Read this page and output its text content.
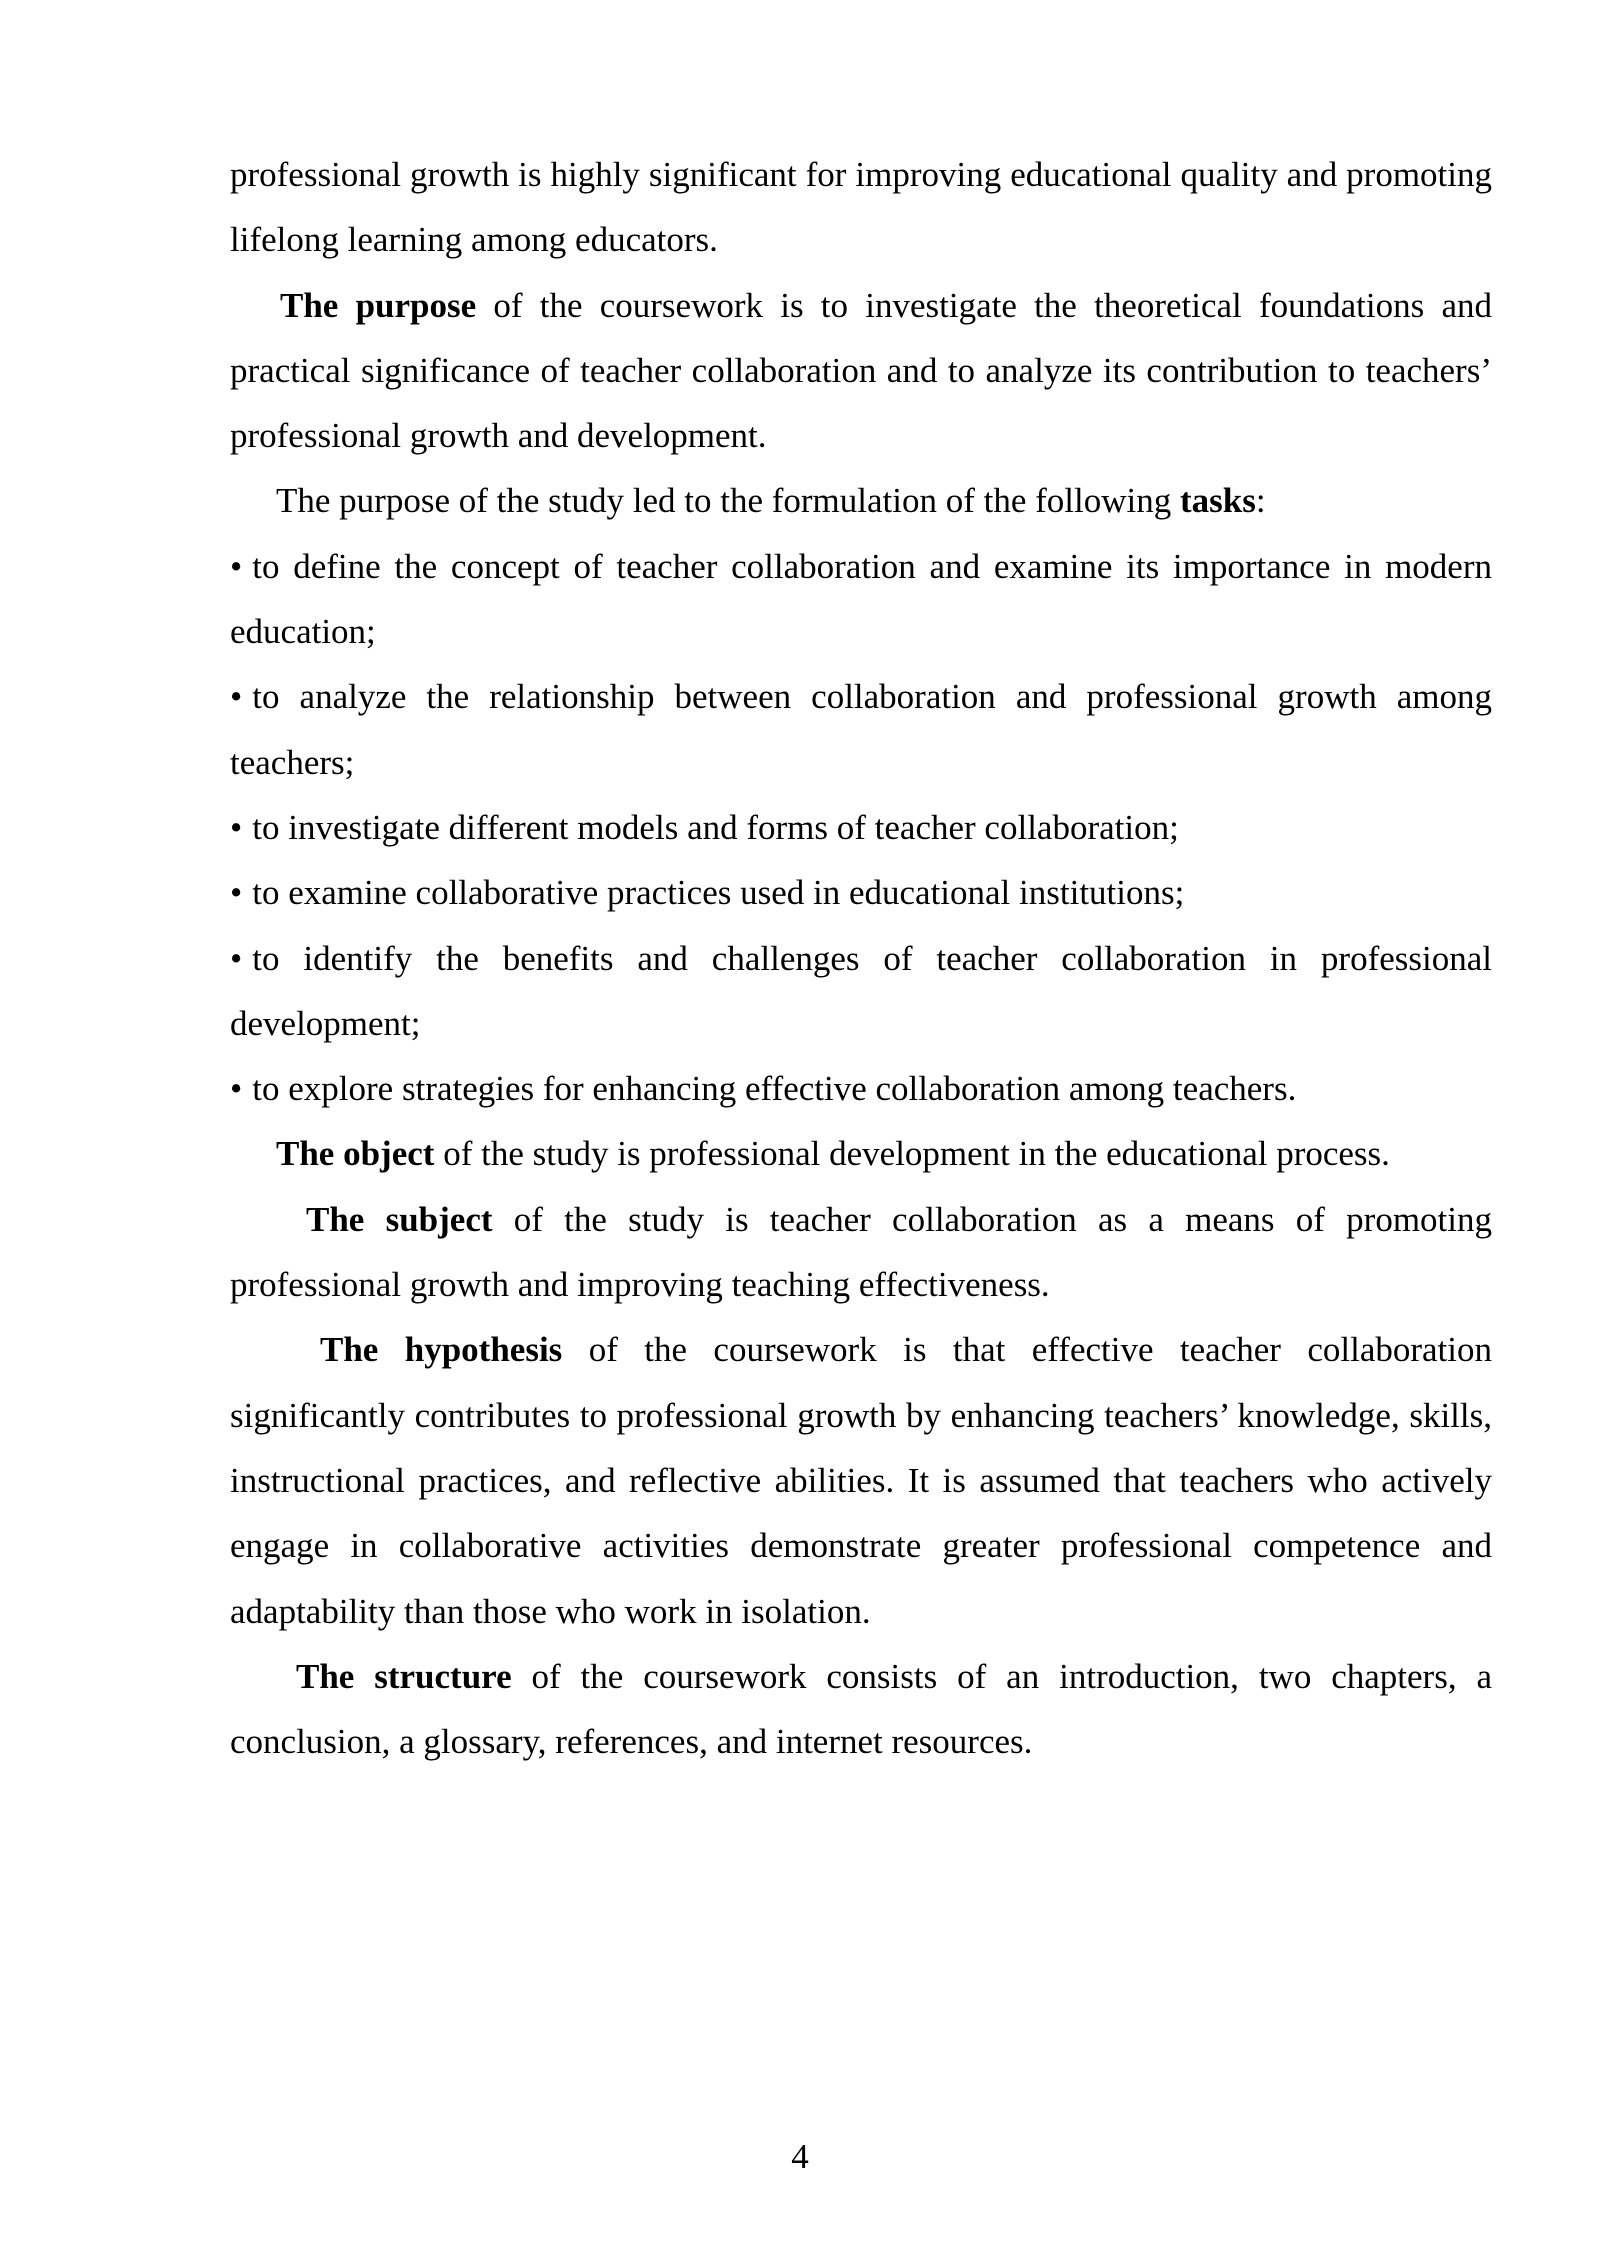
professional growth is highly significant for improving educational quality and promoting lifelong learning among educators.

The purpose of the coursework is to investigate the theoretical foundations and practical significance of teacher collaboration and to analyze its contribution to teachers’ professional growth and development.

The purpose of the study led to the formulation of the following tasks:

• to define the concept of teacher collaboration and examine its importance in modern education;

• to analyze the relationship between collaboration and professional growth among teachers;

• to investigate different models and forms of teacher collaboration;

• to examine collaborative practices used in educational institutions;

• to identify the benefits and challenges of teacher collaboration in professional development;

• to explore strategies for enhancing effective collaboration among teachers.

The object of the study is professional development in the educational process.

The subject of the study is teacher collaboration as a means of promoting professional growth and improving teaching effectiveness.

The hypothesis of the coursework is that effective teacher collaboration significantly contributes to professional growth by enhancing teachers’ knowledge, skills, instructional practices, and reflective abilities. It is assumed that teachers who actively engage in collaborative activities demonstrate greater professional competence and adaptability than those who work in isolation.

The structure of the coursework consists of an introduction, two chapters, a conclusion, a glossary, references, and internet resources.

4
